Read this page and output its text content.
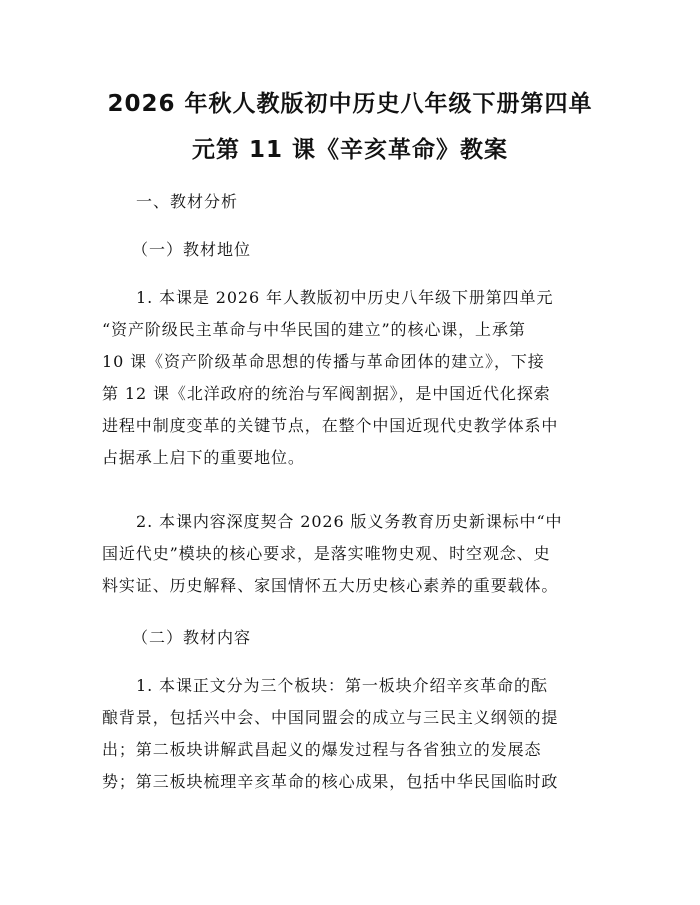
2026 年秋人教版初中历史八年级下册第四单
元第 11 课《辛亥革命》教案

一、教材分析

（一）教材地位

1. 本课是 2026 年人教版初中历史八年级下册第四单元

“资产阶级民主革命与中华民国的建立”的核心课，上承第

10 课《资产阶级革命思想的传播与革命团体的建立》，下接

第 12 课《北洋政府的统治与军阀割据》，是中国近代化探索

进程中制度变革的关键节点，在整个中国近现代史教学体系中

占据承上启下的重要地位。

2. 本课内容深度契合 2026 版义务教育历史新课标中“中

国近代史”模块的核心要求，是落实唯物史观、时空观念、史

料实证、历史解释、家国情怀五大历史核心素养的重要载体。

（二）教材内容

1. 本课正文分为三个板块：第一板块介绍辛亥革命的酝

酿背景，包括兴中会、中国同盟会的成立与三民主义纲领的提

出；第二板块讲解武昌起义的爆发过程与各省独立的发展态

势；第三板块梳理辛亥革命的核心成果，包括中华民国临时政
